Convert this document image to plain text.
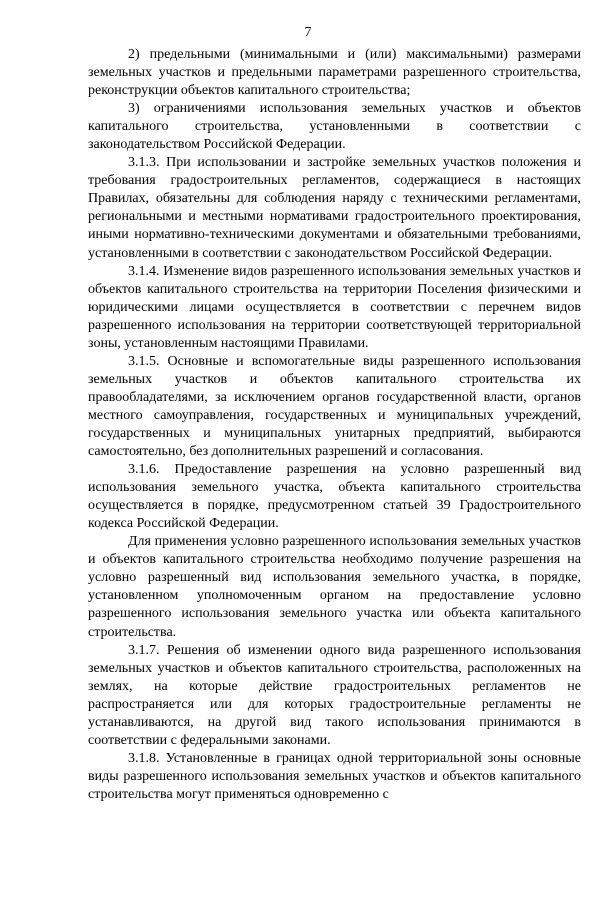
7

2) предельными (минимальными и (или) максимальными) размерами земельных участков и предельными параметрами разрешенного строительства, реконструкции объектов капитального строительства;

3) ограничениями использования земельных участков и объектов капитального строительства, установленными в соответствии с законодательством Российской Федерации.

3.1.3. При использовании и застройке земельных участков положения и требования градостроительных регламентов, содержащиеся в настоящих Правилах, обязательны для соблюдения наряду с техническими регламентами, региональными и местными нормативами градостроительного проектирования, иными нормативно-техническими документами и обязательными требованиями, установленными в соответствии с законодательством Российской Федерации.

3.1.4. Изменение видов разрешенного использования земельных участков и объектов капитального строительства на территории Поселения физическими и юридическими лицами осуществляется в соответствии с перечнем видов разрешенного использования на территории соответствующей территориальной зоны, установленным настоящими Правилами.

3.1.5. Основные и вспомогательные виды разрешенного использования земельных участков и объектов капитального строительства их правообладателями, за исключением органов государственной власти, органов местного самоуправления, государственных и муниципальных учреждений, государственных и муниципальных унитарных предприятий, выбираются самостоятельно, без дополнительных разрешений и согласования.

3.1.6. Предоставление разрешения на условно разрешенный вид использования земельного участка, объекта капитального строительства осуществляется в порядке, предусмотренном статьей 39 Градостроительного кодекса Российской Федерации.

Для применения условно разрешенного использования земельных участков и объектов капитального строительства необходимо получение разрешения на условно разрешенный вид использования земельного участка, в порядке, установленном уполномоченным органом на предоставление условно разрешенного использования земельного участка или объекта капитального строительства.

3.1.7. Решения об изменении одного вида разрешенного использования земельных участков и объектов капитального строительства, расположенных на землях, на которые действие градостроительных регламентов не распространяется или для которых градостроительные регламенты не устанавливаются, на другой вид такого использования принимаются в соответствии с федеральными законами.

3.1.8. Установленные в границах одной территориальной зоны основные виды разрешенного использования земельных участков и объектов капитального строительства могут применяться одновременно с
